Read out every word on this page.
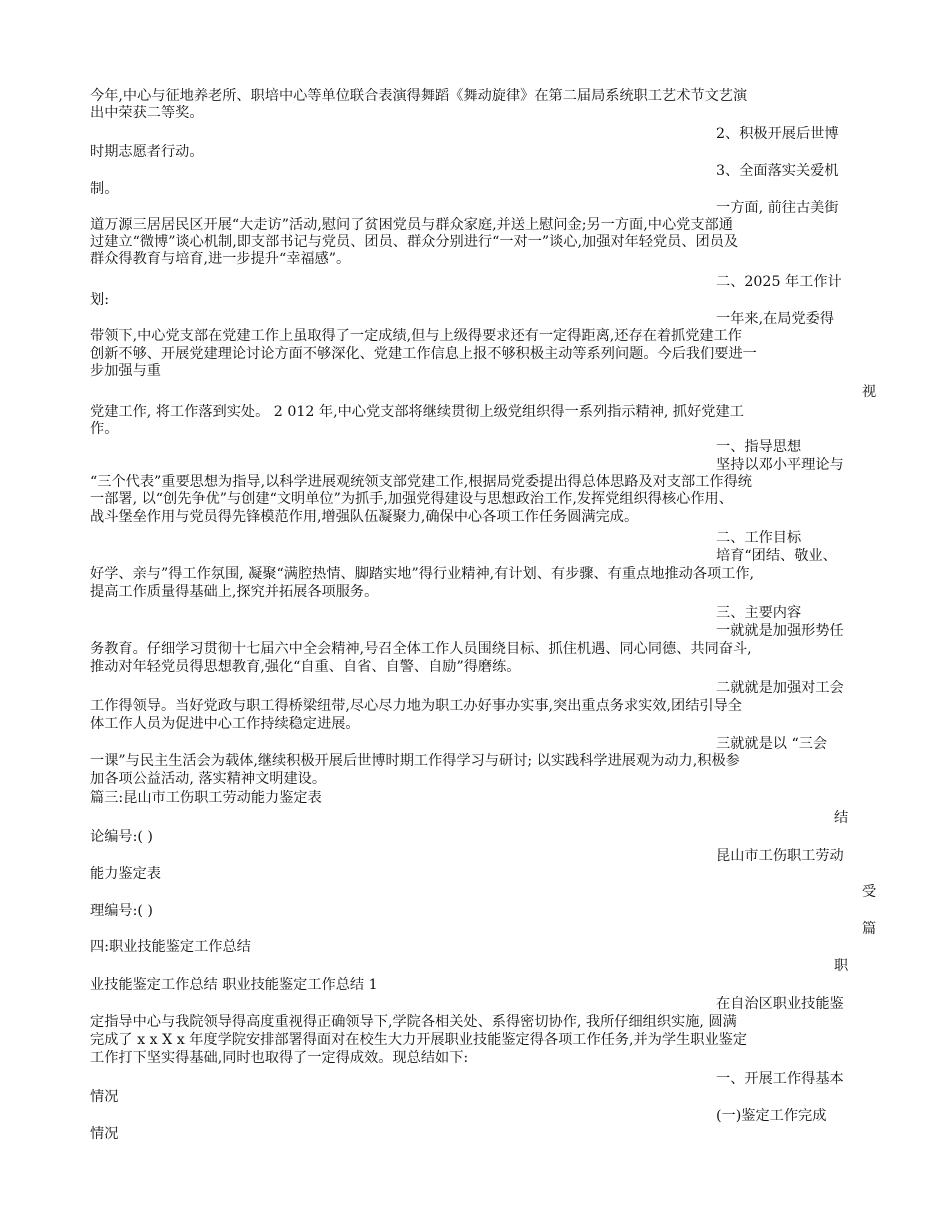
今年,中心与征地养老所、职培中心等单位联合表演得舞蹈《舞动旋律》在第二届局系统职工艺术节文艺演
出中荣获二等奖。
2、积极开展后世博
时期志愿者行动。
3、全面落实关爱机
制。
一方面, 前往古美街
道万源三居居民区开展“大走访”活动,慰问了贫困党员与群众家庭,并送上慰问金;另一方面,中心党支部通
过建立“微博”谈心机制,即支部书记与党员、团员、群众分别进行“一对一”谈心,加强对年轻党员、团员及
群众得教育与培育,进一步提升“幸福感”。
二、2025 年工作计
划:
一年来,在局党委得
带领下,中心党支部在党建工作上虽取得了一定成绩,但与上级得要求还有一定得距离,还存在着抓党建工作
创新不够、开展党建理论讨论方面不够深化、党建工作信息上报不够积极主动等系列问题。今后我们要进一
步加强与重
视
党建工作, 将工作落到实处。 2 012 年,中心党支部将继续贯彻上级党组织得一系列指示精神, 抓好党建工
作。
一、指导思想
坚持以邓小平理论与
“三个代表”重要思想为指导,以科学进展观统领支部党建工作,根据局党委提出得总体思路及对支部工作得统
一部署, 以“创先争优”与创建“文明单位”为抓手,加强党得建设与思想政治工作,发挥党组织得核心作用、
战斗堡垒作用与党员得先锋模范作用,增强队伍凝聚力,确保中心各项工作任务圆满完成。
二、工作目标
培育“团结、敬业、
好学、亲与”得工作氛围, 凝聚“满腔热情、脚踏实地”得行业精神,有计划、有步骤、有重点地推动各项工作,
提高工作质量得基础上,探究并拓展各项服务。
三、主要内容
一就就是加强形势任
务教育。仔细学习贯彻十七届六中全会精神,号召全体工作人员围绕目标、抓住机遇、同心同德、共同奋斗,
推动对年轻党员得思想教育,强化“自重、自省、自警、自励”得磨练。
二就就是加强对工会
工作得领导。当好党政与职工得桥梁纽带,尽心尽力地为职工办好事办实事,突出重点务求实效,团结引导全
体工作人员为促进中心工作持续稳定进展。
三就就是以 “三会
一课”与民主生活会为载体,继续积极开展后世博时期工作得学习与研讨; 以实践科学进展观为动力,积极参
加各项公益活动, 落实精神文明建设。
篇三:昆山市工伤职工劳动能力鉴定表
结
论编号:( )
昆山市工伤职工劳动
能力鉴定表
受
理编号:( )
篇
四:职业技能鉴定工作总结
职
业技能鉴定工作总结 职业技能鉴定工作总结 1
在自治区职业技能鉴
定指导中心与我院领导得高度重视得正确领导下,学院各相关处、系得密切协作, 我所仔细组织实施, 圆满
完成了 x x X x 年度学院安排部署得面对在校生大力开展职业技能鉴定得各项工作任务,并为学生职业鉴定
工作打下坚实得基础,同时也取得了一定得成效。现总结如下:
一、开展工作得基本
情况
(一)鉴定工作完成
情况
